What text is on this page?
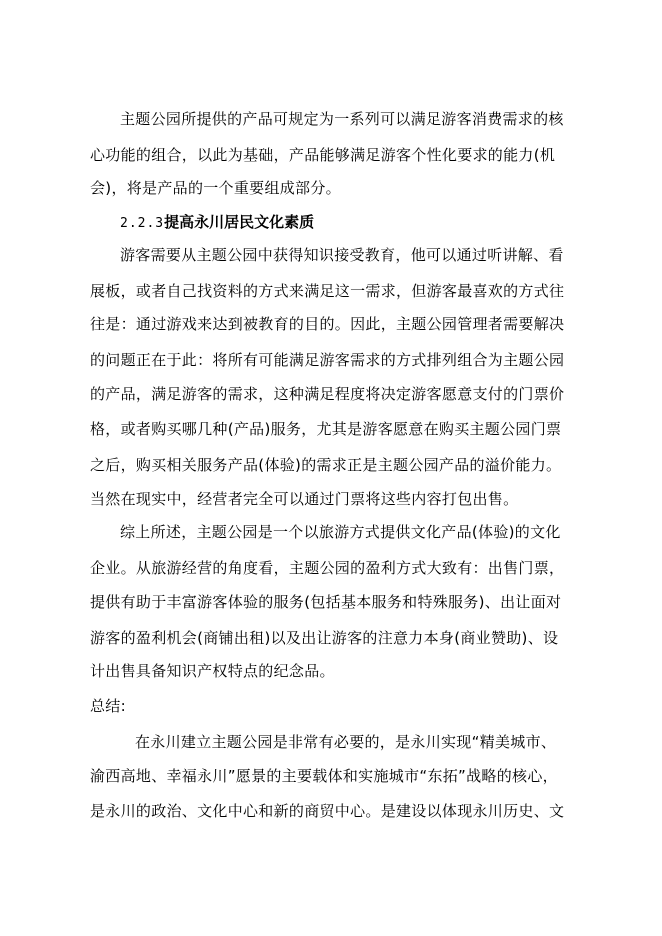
主题公园所提供的产品可规定为一系列可以满足游客消费需求的核
心功能的组合，以此为基础，产品能够满足游客个性化要求的能力(机
会)，将是产品的一个重要组成部分。
2.2.3提高永川居民文化素质
游客需要从主题公园中获得知识接受教育，他可以通过听讲解、看
展板，或者自己找资料的方式来满足这一需求，但游客最喜欢的方式往
往是：通过游戏来达到被教育的目的。因此，主题公园管理者需要解决
的问题正在于此：将所有可能满足游客需求的方式排列组合为主题公园
的产品，满足游客的需求，这种满足程度将决定游客愿意支付的门票价
格，或者购买哪几种(产品)服务，尤其是游客愿意在购买主题公园门票
之后，购买相关服务产品(体验)的需求正是主题公园产品的溢价能力。
当然在现实中，经营者完全可以通过门票将这些内容打包出售。
综上所述，主题公园是一个以旅游方式提供文化产品(体验)的文化
企业。从旅游经营的角度看，主题公园的盈利方式大致有：出售门票，
提供有助于丰富游客体验的服务(包括基本服务和特殊服务)、出让面对
游客的盈利机会(商铺出租)以及出让游客的注意力本身(商业赞助)、设
计出售具备知识产权特点的纪念品。
总结:
在永川建立主题公园是非常有必要的，是永川实现“精美城市、
渝西高地、幸福永川”愿景的主要载体和实施城市“东拓”战略的核心，
是永川的政治、文化中心和新的商贸中心。是建设以体现永川历史、文
